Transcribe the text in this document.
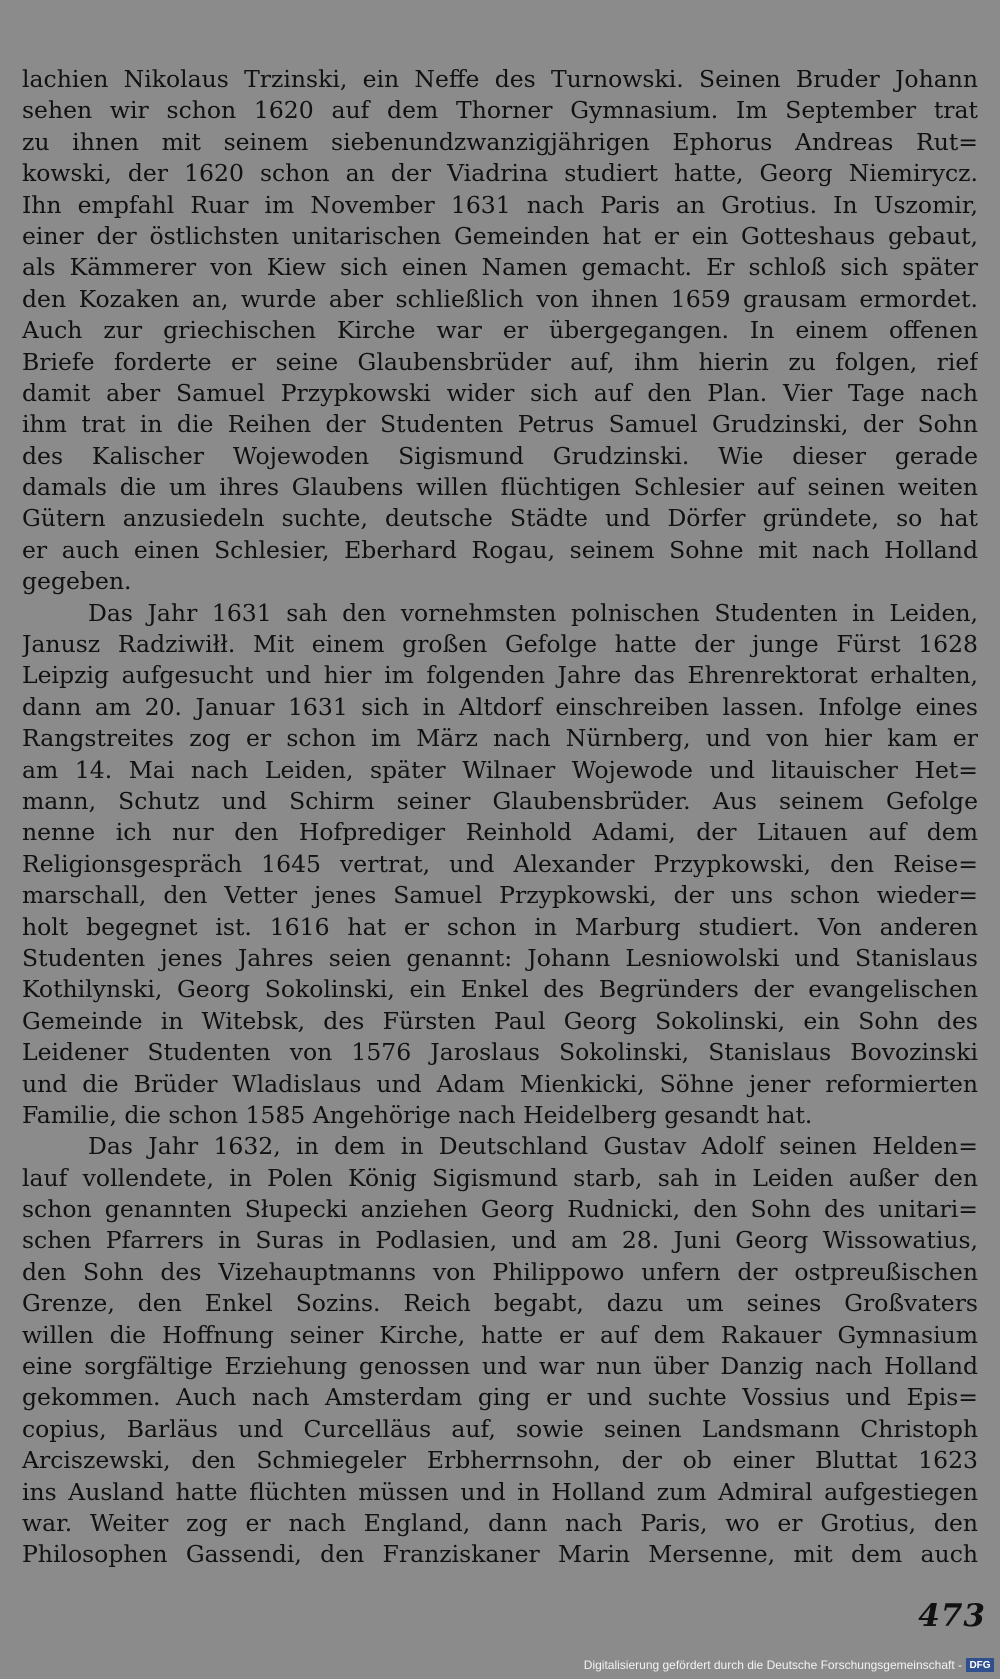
lachien Nikolaus Trzinski, ein Neffe des Turnowski. Seinen Bruder Johann
sehen wir schon 1620 auf dem Thorner Gymnasium. Im September trat
zu ihnen mit seinem siebenundzwanzigjährigen Ephorus Andreas Rut=
kowski, der 1620 schon an der Viadrina studiert hatte, Georg Niemirycz.
Ihn empfahl Ruar im November 1631 nach Paris an Grotius. In Uszomir,
einer der östlichsten unitarischen Gemeinden hat er ein Gotteshaus gebaut,
als Kämmerer von Kiew sich einen Namen gemacht. Er schloß sich später
den Kozaken an, wurde aber schließlich von ihnen 1659 grausam ermordet.
Auch zur griechischen Kirche war er übergegangen. In einem offenen
Briefe forderte er seine Glaubensbrüder auf, ihm hierin zu folgen, rief
damit aber Samuel Przypkowski wider sich auf den Plan. Vier Tage nach
ihm trat in die Reihen der Studenten Petrus Samuel Grudzinski, der Sohn
des Kalischer Wojewoden Sigismund Grudzinski. Wie dieser gerade
damals die um ihres Glaubens willen flüchtigen Schlesier auf seinen weiten
Gütern anzusiedeln suchte, deutsche Städte und Dörfer gründete, so hat
er auch einen Schlesier, Eberhard Rogau, seinem Sohne mit nach Holland
gegeben.
Das Jahr 1631 sah den vornehmsten polnischen Studenten in Leiden,
Janusz Radziwiłł. Mit einem großen Gefolge hatte der junge Fürst 1628
Leipzig aufgesucht und hier im folgenden Jahre das Ehrenrektorat erhalten,
dann am 20. Januar 1631 sich in Altdorf einschreiben lassen. Infolge eines
Rangstreites zog er schon im März nach Nürnberg, und von hier kam er
am 14. Mai nach Leiden, später Wilnaer Wojewode und litauischer Het=
mann, Schutz und Schirm seiner Glaubensbrüder. Aus seinem Gefolge
nenne ich nur den Hofprediger Reinhold Adami, der Litauen auf dem
Religionsgespräch 1645 vertrat, und Alexander Przypkowski, den Reise=
marschall, den Vetter jenes Samuel Przypkowski, der uns schon wieder=
holt begegnet ist. 1616 hat er schon in Marburg studiert. Von anderen
Studenten jenes Jahres seien genannt: Johann Lesniowolski und Stanislaus
Kothilynski, Georg Sokolinski, ein Enkel des Begründers der evangelischen
Gemeinde in Witebsk, des Fürsten Paul Georg Sokolinski, ein Sohn des
Leidener Studenten von 1576 Jaroslaus Sokolinski, Stanislaus Bovozinski
und die Brüder Wladislaus und Adam Mienkicki, Söhne jener reformierten
Familie, die schon 1585 Angehörige nach Heidelberg gesandt hat.
Das Jahr 1632, in dem in Deutschland Gustav Adolf seinen Helden=
lauf vollendete, in Polen König Sigismund starb, sah in Leiden außer den
schon genannten Słupecki anziehen Georg Rudnicki, den Sohn des unitari=
schen Pfarrers in Suras in Podlasien, und am 28. Juni Georg Wissowatius,
den Sohn des Vizehauptmanns von Philippowo unfern der ostpreußischen
Grenze, den Enkel Sozins. Reich begabt, dazu um seines Großvaters
willen die Hoffnung seiner Kirche, hatte er auf dem Rakauer Gymnasium
eine sorgfältige Erziehung genossen und war nun über Danzig nach Holland
gekommen. Auch nach Amsterdam ging er und suchte Vossius und Epis=
copius, Barläus und Curcelläus auf, sowie seinen Landsmann Christoph
Arciszewski, den Schmiegeler Erbherrnsohn, der ob einer Bluttat 1623
ins Ausland hatte flüchten müssen und in Holland zum Admiral aufgestiegen
war. Weiter zog er nach England, dann nach Paris, wo er Grotius, den
Philosophen Gassendi, den Franziskaner Marin Mersenne, mit dem auch
473
Digitalisierung gefördert durch die Deutsche Forschungsgemeinschaft - DFG
